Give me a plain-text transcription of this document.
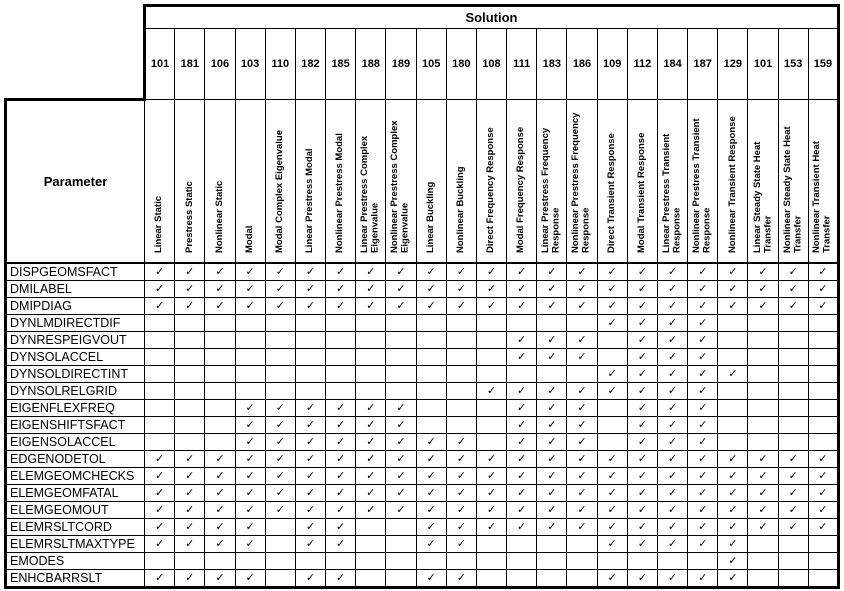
	Solution																						
	101	181	106	103	110	182	185	188	189	105	180	108	111	183	186	109	112	184	187	129	101	153	159
Parameter	Linear Static	Prestress Static	Nonlinear Static	Modal	Modal Complex Eigenvalue	Linear Prestress Modal	Nonlinear Prestress Modal	Linear Prestress Complex Eigenvalue	Nonlinear Prestress Complex Eigenvalue	Linear Buckling	Nonlinear Buckling	Direct Frequency Response	Modal Frequency Response	Linear Prestress Frequency Response	Nonlinear Prestress Frequency Response	Direct Transient Response	Modal Transient Response	Linear Prestress Transient Response	Nonlinear Prestress Transient Response	Nonlinear Transient Response	Linear Steady State Heat Transfer	Nonlinear Steady State Heat Transfer	Nonlinear Transient Heat Transfer
DISPGEOMSFACT	✓	✓	✓	✓	✓	✓	✓	✓	✓	✓	✓	✓	✓	✓	✓	✓	✓	✓	✓	✓	✓	✓	✓
DMILABEL	✓	✓	✓	✓	✓	✓	✓	✓	✓	✓	✓	✓	✓	✓	✓	✓	✓	✓	✓	✓	✓	✓	✓
DMIPDIAG	✓	✓	✓	✓	✓	✓	✓	✓	✓	✓	✓	✓	✓	✓	✓	✓	✓	✓	✓	✓	✓	✓	✓
DYNLMDIRECTDIF																✓	✓	✓	✓				
DYNRESPEIGVOUT													✓	✓	✓		✓	✓	✓				
DYNSOLACCEL													✓	✓	✓		✓	✓	✓				
DYNSOLDIRECTINT																✓	✓	✓	✓	✓			
DYNSOLRELGRID												✓	✓	✓	✓	✓	✓	✓	✓				
EIGENFLEXFREQ				✓	✓	✓	✓	✓	✓				✓	✓	✓		✓	✓	✓				
EIGENSHIFTSFACT				✓	✓	✓	✓	✓	✓				✓	✓	✓		✓	✓	✓				
EIGENSOLACCEL				✓	✓	✓	✓	✓	✓	✓	✓		✓	✓	✓		✓	✓	✓				
EDGENODETOL	✓	✓	✓	✓	✓	✓	✓	✓	✓	✓	✓	✓	✓	✓	✓	✓	✓	✓	✓	✓	✓	✓	✓
ELEMGEOMCHECKS	✓	✓	✓	✓	✓	✓	✓	✓	✓	✓	✓	✓	✓	✓	✓	✓	✓	✓	✓	✓	✓	✓	✓
ELEMGEOMFATAL	✓	✓	✓	✓	✓	✓	✓	✓	✓	✓	✓	✓	✓	✓	✓	✓	✓	✓	✓	✓	✓	✓	✓
ELEMGEOMOUT	✓	✓	✓	✓	✓	✓	✓	✓	✓	✓	✓	✓	✓	✓	✓	✓	✓	✓	✓	✓	✓	✓	✓
ELEMRSLTCORD	✓	✓	✓	✓		✓	✓			✓	✓	✓	✓	✓	✓	✓	✓	✓	✓	✓	✓	✓	✓
ELEMRSLTMAXTYPE	✓	✓	✓	✓		✓	✓			✓	✓					✓	✓	✓	✓	✓			
EMODES																				✓			
ENHCBARRSLT	✓	✓	✓	✓		✓	✓			✓	✓					✓	✓	✓	✓	✓			
